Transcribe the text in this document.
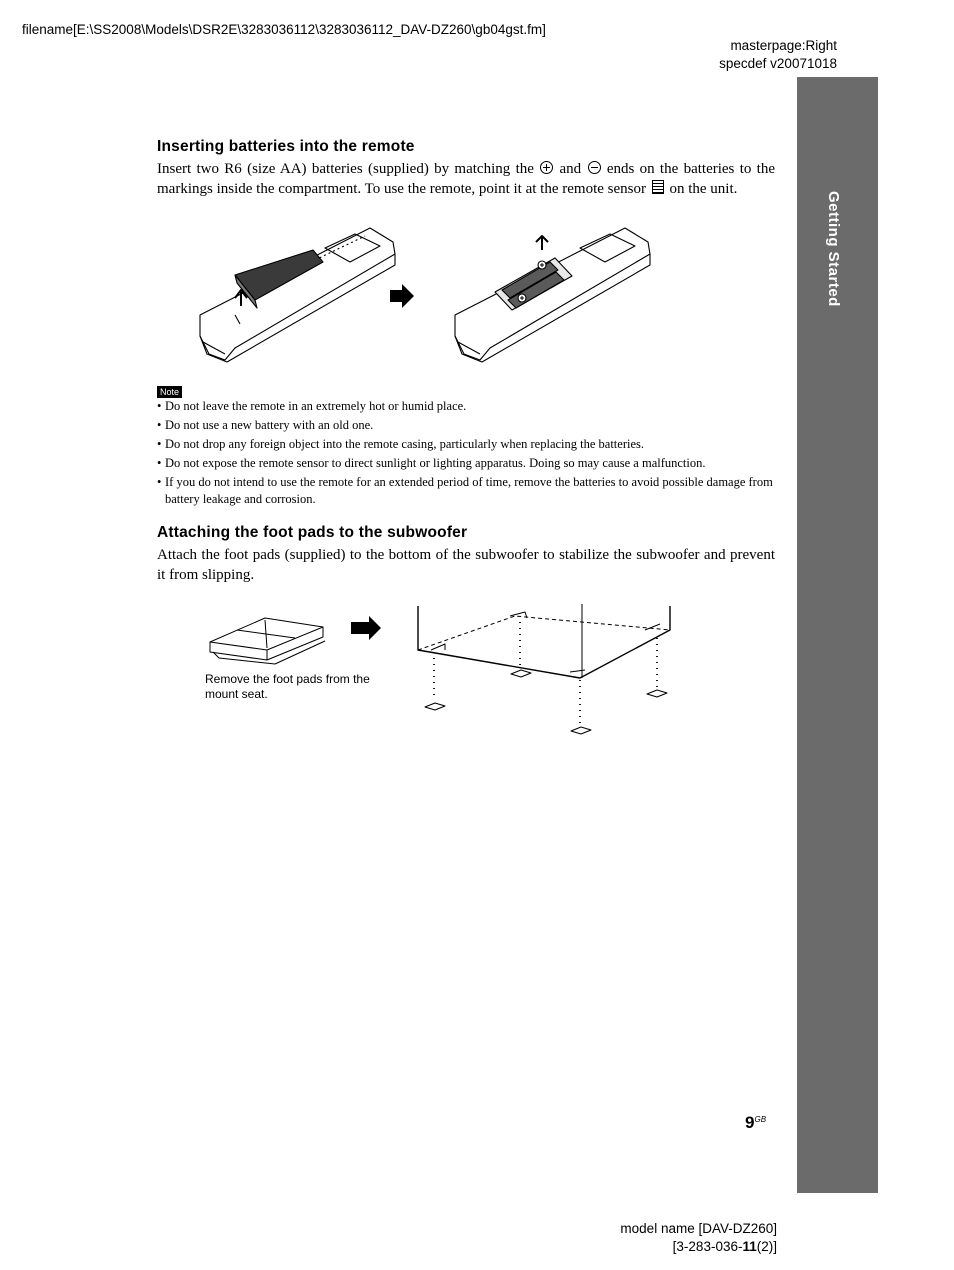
filename[E:\SS2008\Models\DSR2E\3283036112\3283036112_DAV-DZ260\gb04gst.fm]
masterpage:Right
specdef v20071018
Getting Started
Inserting batteries into the remote
Insert two R6 (size AA) batteries (supplied) by matching the and ends on the batteries to the markings inside the compartment. To use the remote, point it at the remote sensor on the unit.
Note
• Do not leave the remote in an extremely hot or humid place.
• Do not use a new battery with an old one.
• Do not drop any foreign object into the remote casing, particularly when replacing the batteries.
• Do not expose the remote sensor to direct sunlight or lighting apparatus. Doing so may cause a malfunction.
• If you do not intend to use the remote for an extended period of time, remove the batteries to avoid possible damage from battery leakage and corrosion.
Attaching the foot pads to the subwoofer
Attach the foot pads (supplied) to the bottom of the subwoofer to stabilize the subwoofer and prevent it from slipping.
Remove the foot pads from the mount seat.
$9^{GB}$
model name [DAV-DZ260]
[3-283-036-11(2)]
